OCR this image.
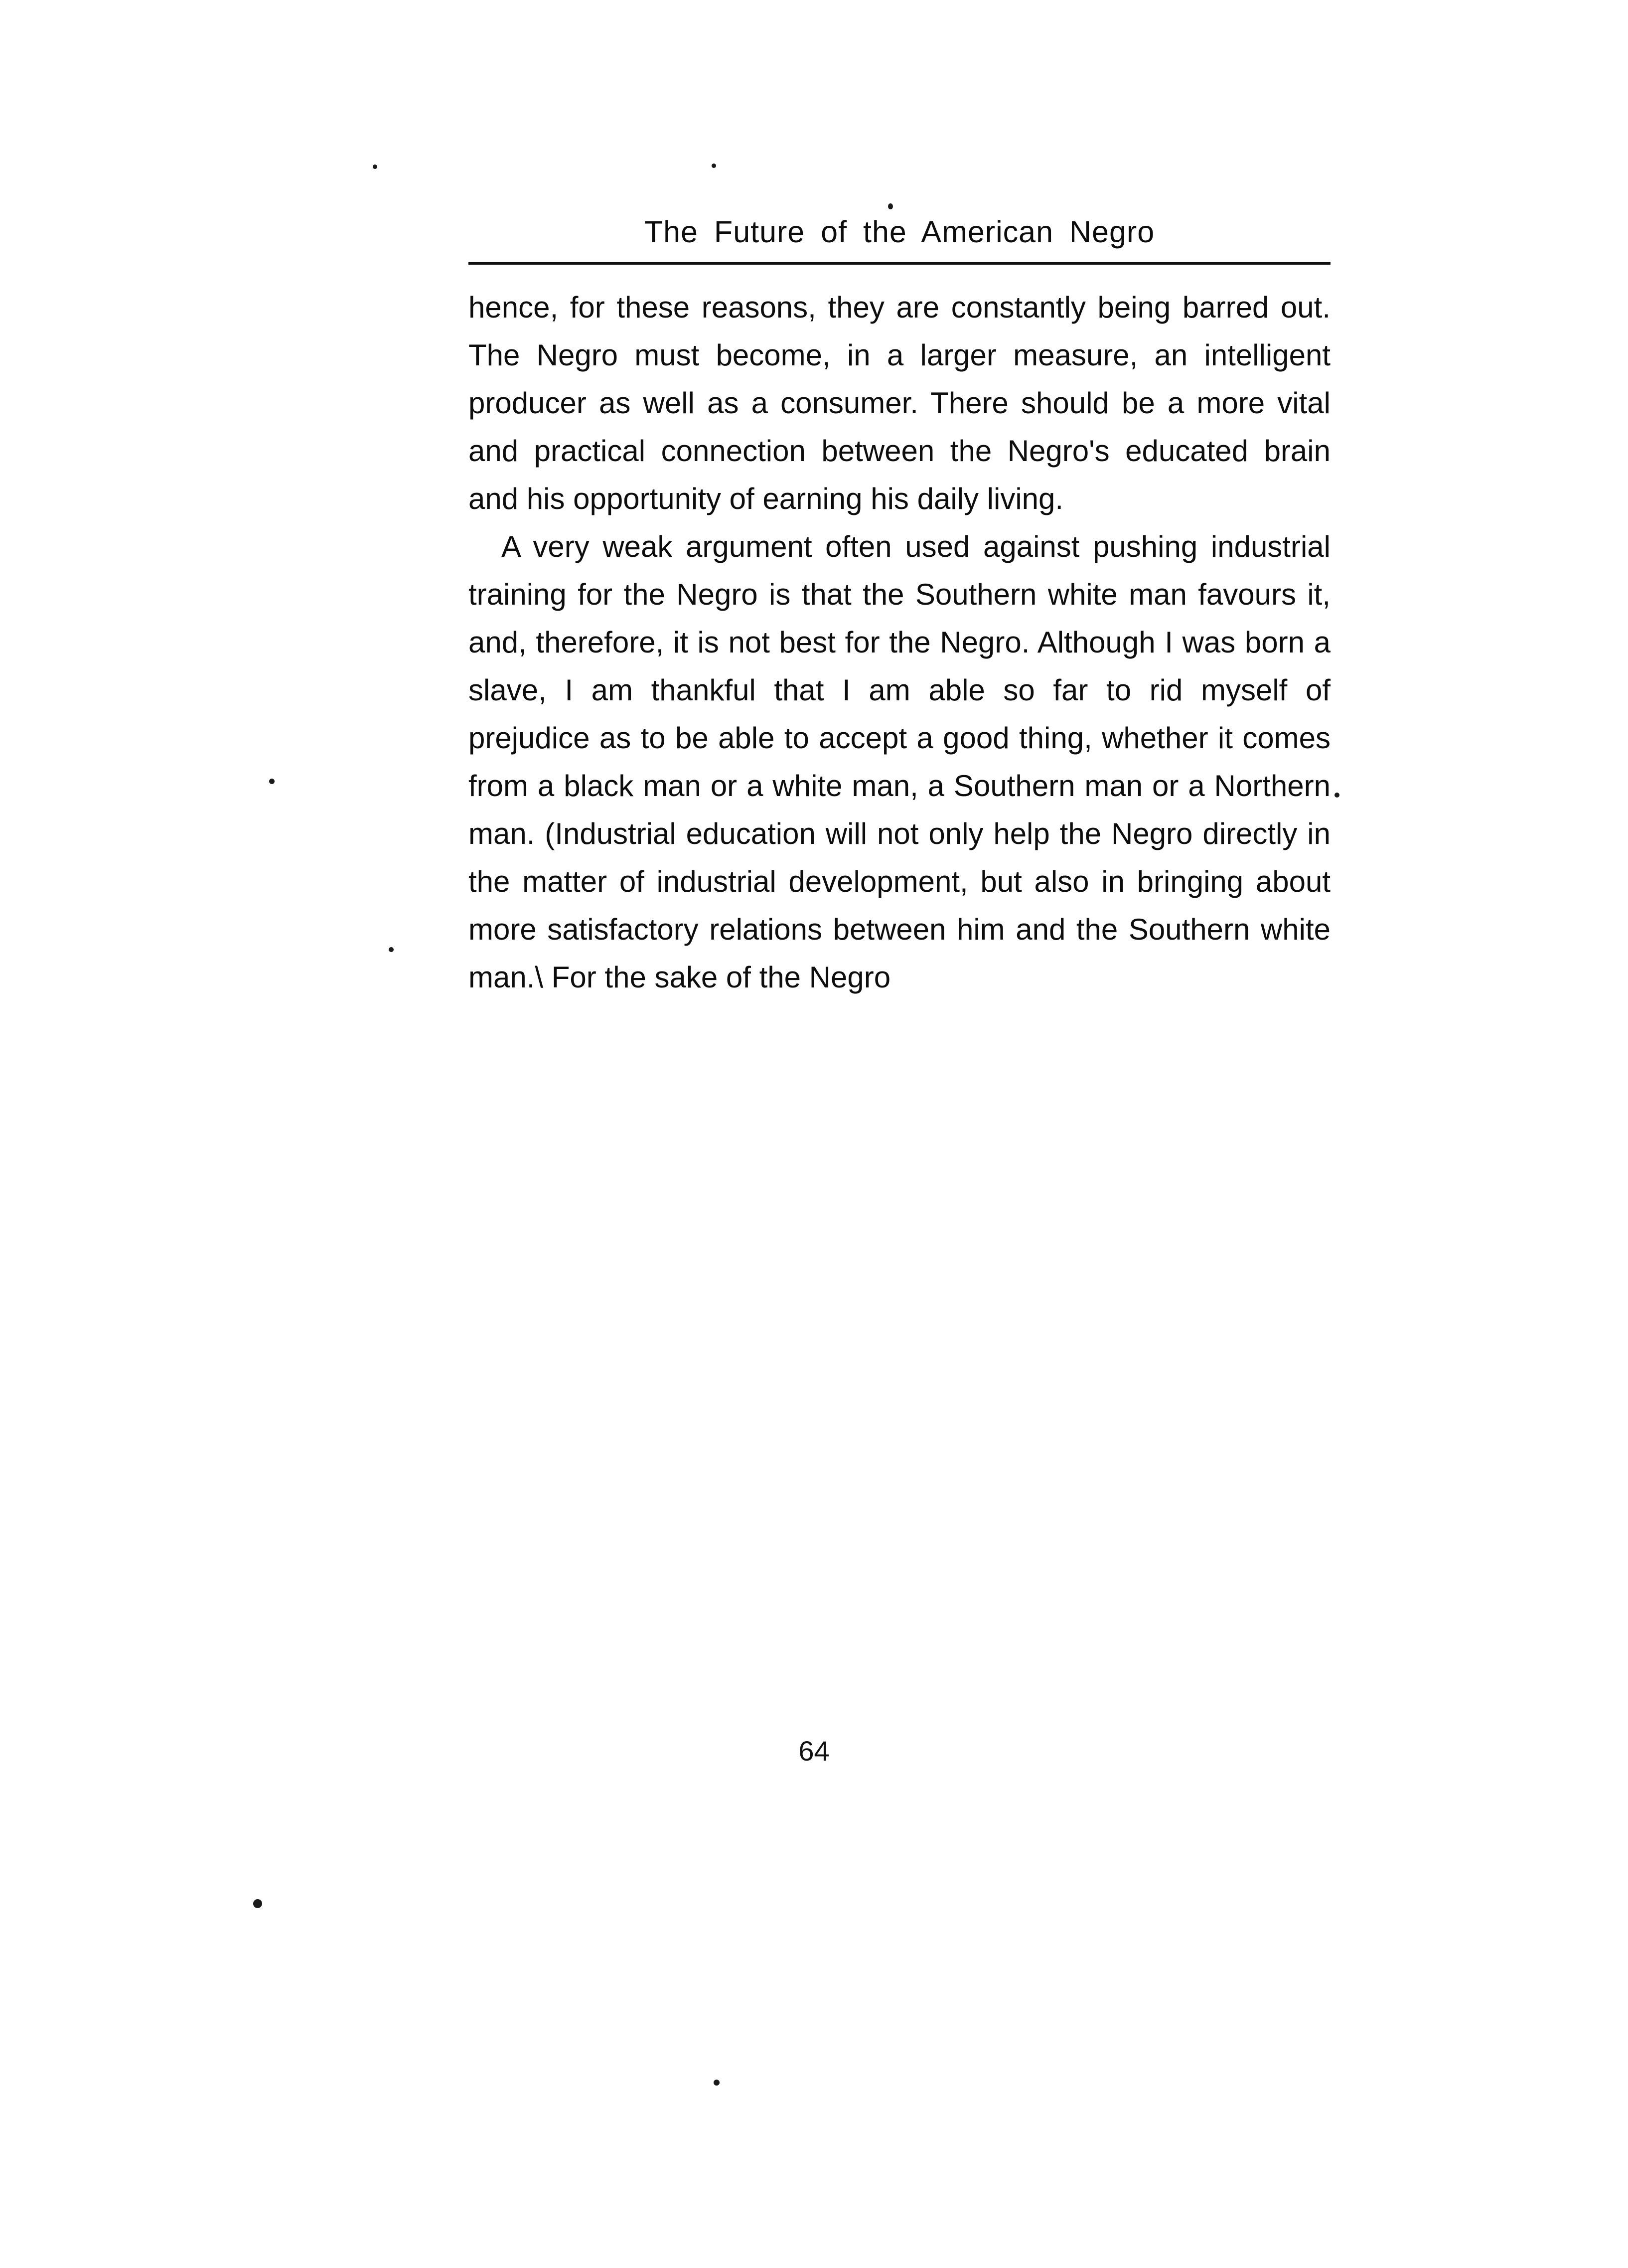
The Future of the American Negro

hence, for these reasons, they are constantly being barred out. The Negro must become, in a larger measure, an intelligent producer as well as a consumer. There should be a more vital and practical connection between the Negro's educated brain and his opportunity of earning his daily living.

A very weak argument often used against pushing industrial training for the Negro is that the Southern white man favours it, and, therefore, it is not best for the Negro. Although I was born a slave, I am thankful that I am able so far to rid myself of prejudice as to be able to accept a good thing, whether it comes from a black man or a white man, a Southern man or a Northern man. (Industrial education will not only help the Negro directly in the matter of industrial development, but also in bringing about more satisfactory relations between him and the Southern white man.\ For the sake of the Negro

64
